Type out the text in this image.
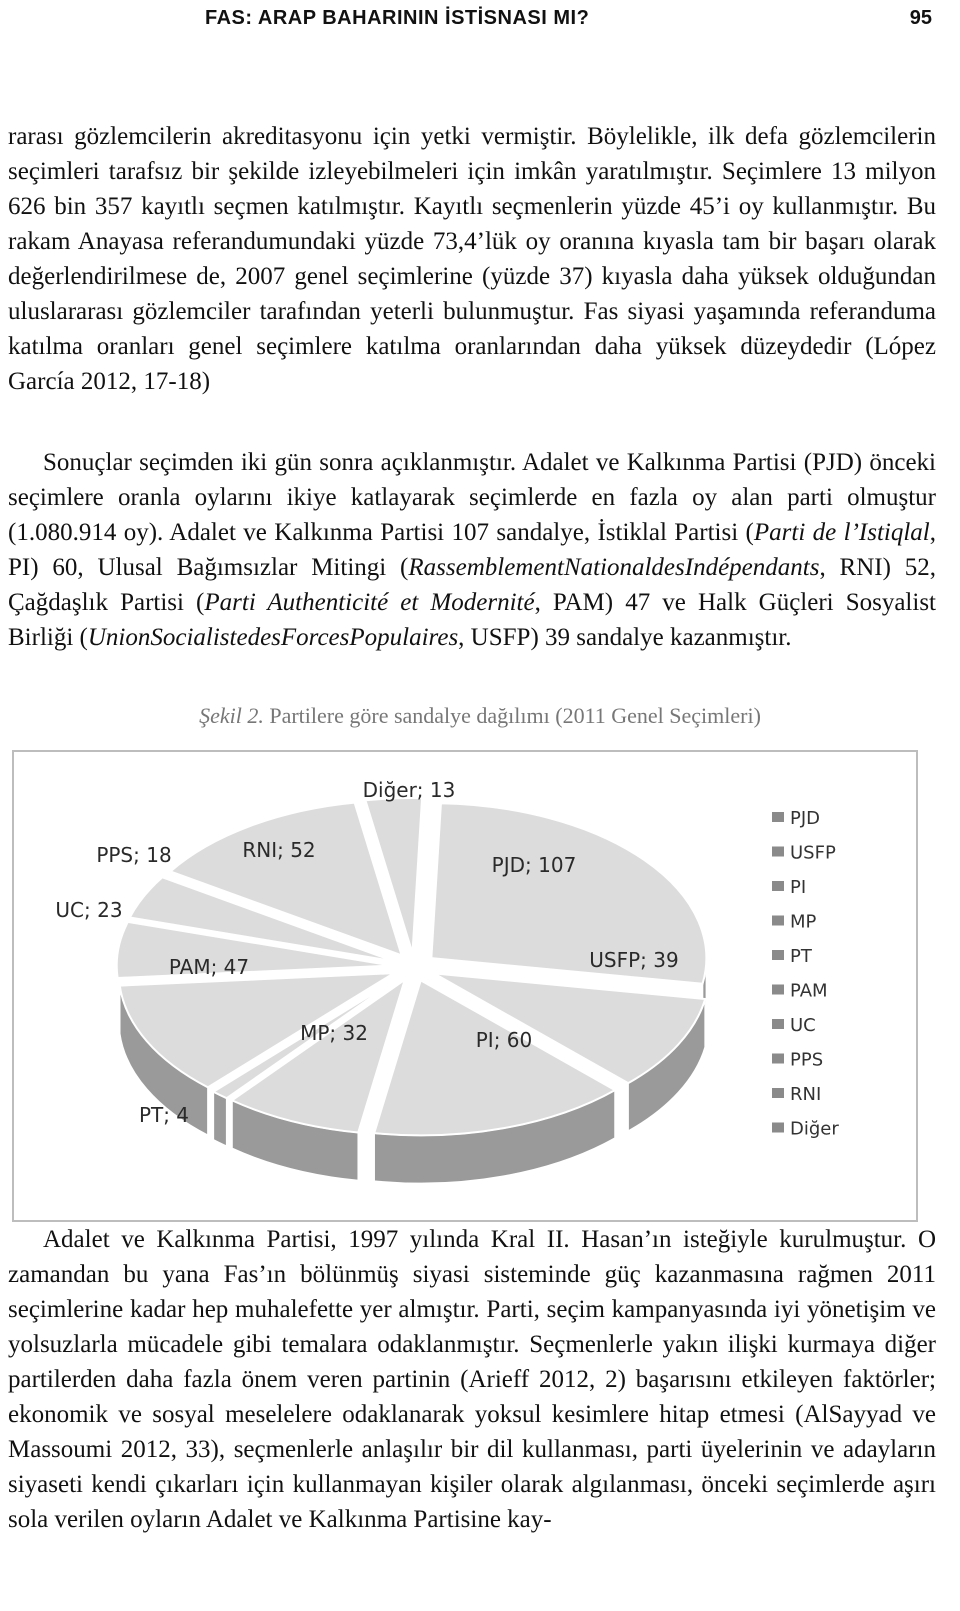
FAS: ARAP BAHARININ İSTİSNASI MI?	95

rarası gözlemcilerin akreditasyonu için yetki vermiştir. Böylelikle, ilk defa gözlemcilerin seçimleri tarafsız bir şekilde izleyebilmeleri için imkân yaratılmıştır. Seçimlere 13 milyon 626 bin 357 kayıtlı seçmen katılmıştır. Kayıtlı seçmenlerin yüzde 45’i oy kullanmıştır. Bu rakam Anayasa referandumundaki yüzde 73,4’lük oy oranına kıyasla tam bir başarı olarak değerlendirilmese de, 2007 genel seçimlerine (yüzde 37) kıyasla daha yüksek olduğundan uluslararası gözlemciler tarafından yeterli bulunmuştur. Fas siyasi yaşamında referanduma katılma oranları genel seçimlere katılma oranlarından daha yüksek düzeydedir (López García 2012, 17-18)

Sonuçlar seçimden iki gün sonra açıklanmıştır. Adalet ve Kalkınma Partisi (PJD) önceki seçimlere oranla oylarını ikiye katlayarak seçimlerde en fazla oy alan parti olmuştur (1.080.914 oy). Adalet ve Kalkınma Partisi 107 sandalye, İstiklal Partisi (Parti de l’Istiqlal, PI) 60, Ulusal Bağımsızlar Mitingi (RassemblementNationaldesIndépendants, RNI) 52, Çağdaşlık Partisi (Parti Authenticité et Modernité, PAM) 47 ve Halk Güçleri Sosyalist Birliği (UnionSocialistedesForcesPopulaires, USFP) 39 sandalye kazanmıştır.

Şekil 2. Partilere göre sandalye dağılımı (2011 Genel Seçimleri)
PJD; 107
USFP; 39
PI; 60
MP; 32
PT; 4
PAM; 47
UC; 23
PPS; 18	RNI; 52
Diğer; 13
PJD
USFP
PI
MP
PT
PAM
UC
PPS
RNI
Diğer

Adalet ve Kalkınma Partisi, 1997 yılında Kral II. Hasan’ın isteğiyle kurulmuştur. O zamandan bu yana Fas’ın bölünmüş siyasi sisteminde güç kazanmasına rağmen 2011 seçimlerine kadar hep muhalefette yer almıştır. Parti, seçim kampanyasında iyi yönetişim ve yolsuzlarla mücadele gibi temalara odaklanmıştır. Seçmenlerle yakın ilişki kurmaya diğer partilerden daha fazla önem veren partinin (Arieff 2012, 2) başarısını etkileyen faktörler; ekonomik ve sosyal meselelere odaklanarak yoksul kesimlere hitap etmesi (AlSayyad ve Massoumi 2012, 33), seçmenlerle anlaşılır bir dil kullanması, parti üyelerinin ve adayların siyaseti kendi çıkarları için kullanmayan kişiler olarak algılanması, önceki seçimlerde aşırı sola verilen oyların Adalet ve Kalkınma Partisine kay-
